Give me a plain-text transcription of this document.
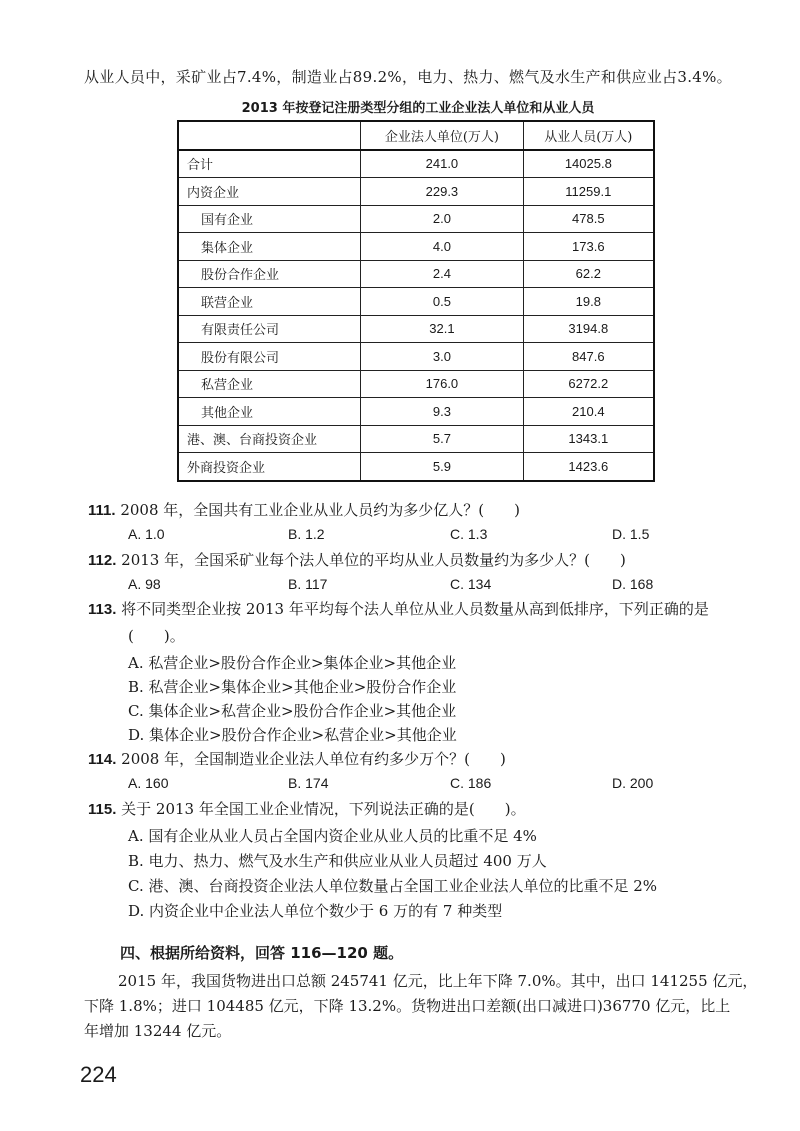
从业人员中，采矿业占7.4%，制造业占89.2%，电力、热力、燃气及水生产和供应业占3.4%。
2013 年按登记注册类型分组的工业企业法人单位和从业人员
	企业法人单位(万人)	从业人员(万人)
合计	241.0	14025.8
内资企业	229.3	11259.1
国有企业	2.0	478.5
集体企业	4.0	173.6
股份合作企业	2.4	62.2
联营企业	0.5	19.8
有限责任公司	32.1	3194.8
股份有限公司	3.0	847.6
私营企业	176.0	6272.2
其他企业	9.3	210.4
港、澳、台商投资企业	5.7	1343.1
外商投资企业	5.9	1423.6
111. 2008 年，全国共有工业企业从业人员约为多少亿人？(　　)
A. 1.0	B. 1.2	C. 1.3	D. 1.5
112. 2013 年，全国采矿业每个法人单位的平均从业人员数量约为多少人？(　　)
A. 98	B. 117	C. 134	D. 168
113. 将不同类型企业按 2013 年平均每个法人单位从业人员数量从高到低排序，下列正确的是
(　　)。
A. 私营企业>股份合作企业>集体企业>其他企业
B. 私营企业>集体企业>其他企业>股份合作企业
C. 集体企业>私营企业>股份合作企业>其他企业
D. 集体企业>股份合作企业>私营企业>其他企业
114. 2008 年，全国制造业企业法人单位有约多少万个？(　　)
A. 160	B. 174	C. 186	D. 200
115. 关于 2013 年全国工业企业情况，下列说法正确的是(　　)。
A. 国有企业从业人员占全国内资企业从业人员的比重不足 4%
B. 电力、热力、燃气及水生产和供应业从业人员超过 400 万人
C. 港、澳、台商投资企业法人单位数量占全国工业企业法人单位的比重不足 2%
D. 内资企业中企业法人单位个数少于 6 万的有 7 种类型
四、根据所给资料，回答 116—120 题。
2015 年，我国货物进出口总额 245741 亿元，比上年下降 7.0%。其中，出口 141255 亿元，
下降 1.8%；进口 104485 亿元，下降 13.2%。货物进出口差额(出口减进口)36770 亿元，比上
年增加 13244 亿元。
224
